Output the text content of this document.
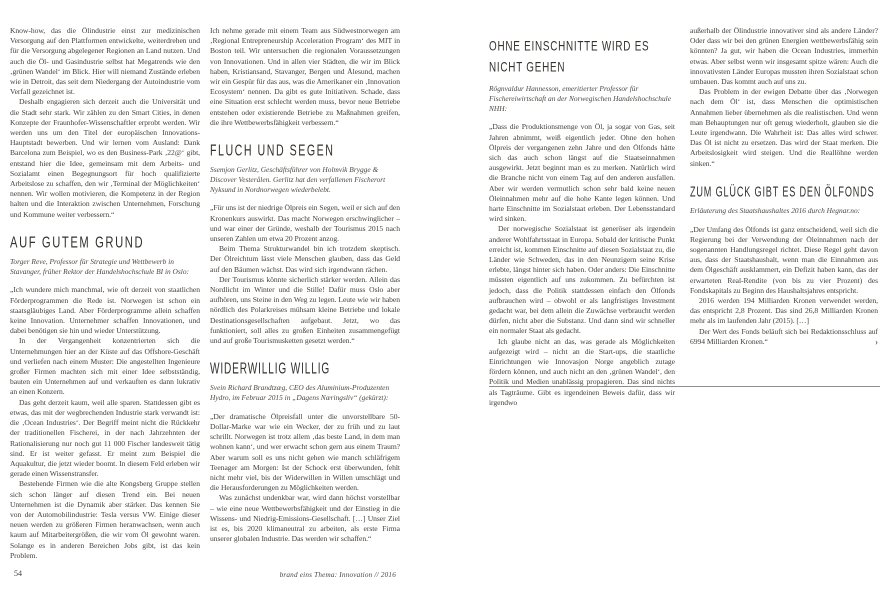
Know-how, das die Ölindustrie einst zur medizinischen Versorgung auf den Plattformen entwickelte, weiterdrehen und für die Versorgung abgelegener Regionen an Land nutzen. Und auch die Öl- und Gasindustrie selbst hat Megatrends wie den ‚grünen Wandel‘ im Blick. Hier will niemand Zustände erleben wie in Detroit, das seit dem Niedergang der Autoindustrie vom Verfall gezeichnet ist.

Deshalb engagieren sich derzeit auch die Universität und die Stadt sehr stark. Wir zählen zu den Smart Cities, in denen Konzepte der Fraunhofer-Wissenschaftler erprobt werden. Wir werden uns um den Titel der europäischen Innovations-Hauptstadt bewerben. Und wir lernen vom Ausland: Dank Barcelona zum Beispiel, wo es den Business-Park ‚22@‘ gibt, entstand hier die Idee, gemeinsam mit dem Arbeits- und Sozialamt einen Begegnungsort für hoch qualifizierte Arbeitslose zu schaffen, den wir ‚Terminal der Möglichkeiten‘ nennen. Wir wollen motivieren, die Kompetenz in der Region halten und die Interaktion zwischen Unternehmen, Forschung und Kommune weiter verbessern.“

AUF GUTEM GRUND

Torger Reve, Professor für Strategie und Wettbewerb in Stavanger, früher Rektor der Handelshochschule BI in Oslo:

„Ich wundere mich manchmal, wie oft derzeit von staatlichen Förderprogrammen die Rede ist. Norwegen ist schon ein staatsgläubiges Land. Aber Förderprogramme allein schaffen keine Innovation. Unternehmer schaffen Innovationen, und dabei benötigen sie hin und wieder Unterstützung.

In der Vergangenheit konzentrierten sich die Unternehmungen hier an der Küste auf das Offshore-Geschäft und verliefen nach einem Muster: Die angestellten Ingenieure großer Firmen machten sich mit einer Idee selbstständig, bauten ein Unternehmen auf und verkauften es dann lukrativ an einen Konzern.

Das geht derzeit kaum, weil alle sparen. Stattdessen gibt es etwas, das mit der wegbrechenden Industrie stark verwandt ist: die ‚Ocean Industries‘. Der Begriff meint nicht die Rückkehr der traditionellen Fischerei, in der nach Jahrzehnten der Rationalisierung nur noch gut 11 000 Fischer landesweit tätig sind. Er ist weiter gefasst. Er meint zum Beispiel die Aquakultur, die jetzt wieder boomt. In diesem Feld erleben wir gerade einen Wissenstransfer.

Bestehende Firmen wie die alte Kongsberg Gruppe stellen sich schon länger auf diesen Trend ein. Bei neuen Unternehmen ist die Dynamik aber stärker. Das kennen Sie von der Automobilindustrie: Tesla versus VW. Einige dieser neuen werden zu größeren Firmen heranwachsen, wenn auch kaum auf Mitarbeitergrößen, die wir vom Öl gewohnt waren. Solange es in anderen Bereichen Jobs gibt, ist das kein Problem.

Ich nehme gerade mit einem Team aus Südwestnorwegen am ‚Regional Entrepreneurship Acceleration Program‘ des MIT in Boston teil. Wir untersuchen die regionalen Voraussetzungen von Innovationen. Und in allen vier Städten, die wir im Blick haben, Kristiansand, Stavanger, Bergen und Ålesund, machen wir ein Gespür für das aus, was die Amerikaner ein ‚Innovation Ecosystem‘ nennen. Da gibt es gute Initiativen. Schade, dass eine Situation erst schlecht werden muss, bevor neue Betriebe entstehen oder existierende Betriebe zu Maßnahmen greifen, die ihre Wettbewerbsfähigkeit verbessern.“

FLUCH UND SEGEN

Ssemjon Gerlitz, Geschäftsführer von Holmvik Brygge & Discover Vesterålen. Gerlitz hat den verfallenen Fischerort Nyksund in Nordnorwegen wiederbelebt.

„Für uns ist der niedrige Ölpreis ein Segen, weil er sich auf den Kronenkurs auswirkt. Das macht Norwegen erschwinglicher – und war einer der Gründe, weshalb der Tourismus 2015 nach unseren Zahlen um etwa 20 Prozent anzog.

Beim Thema Strukturwandel bin ich trotzdem skeptisch. Der Ölreichtum lässt viele Menschen glauben, dass das Geld auf den Bäumen wächst. Das wird sich irgendwann rächen.

Der Tourismus könnte sicherlich stärker werden. Allein das Nordlicht im Winter und die Stille! Dafür muss Oslo aber aufhören, uns Steine in den Weg zu legen. Leute wie wir haben nördlich des Polarkreises mühsam kleine Betriebe und lokale Destinationsgesellschaften aufgebaut. Jetzt, wo das funktioniert, soll alles zu großen Einheiten zusammengefügt und auf große Tourismusketten gesetzt werden.“

WIDERWILLIG WILLIG

Svein Richard Brandtzæg, CEO des Aluminium-Produzenten Hydro, im Februar 2015 in „Dagens Næringsliv“ (gekürzt):

„Der dramatische Ölpreisfall unter die unvorstellbare 50-Dollar-Marke war wie ein Wecker, der zu früh und zu laut schrillt. Norwegen ist trotz allem ‚das beste Land, in dem man wohnen kann‘, und wer erwacht schon gern aus einem Traum? Aber warum soll es uns nicht gehen wie manch schläfrigem Teenager am Morgen: Ist der Schock erst überwunden, fehlt nicht mehr viel, bis der Widerwillen in Willen umschlägt und die Herausforderungen zu Möglichkeiten werden.

Was zunächst undenkbar war, wird dann höchst vorstellbar – wie eine neue Wettbewerbsfähigkeit und der Einstieg in die Wissens- und Niedrig-Emissions-Gesellschaft. […] Unser Ziel ist es, bis 2020 klimaneutral zu arbeiten, als erste Firma unserer globalen Industrie. Das werden wir schaffen.“

OHNE EINSCHNITTE WIRD ES NICHT GEHEN

Rögnvaldur Hannesson, emeritierter Professor für Fischereiwirtschaft an der Norwegischen Handelshochschule NHH:

„Dass die Produktionsmenge von Öl, ja sogar von Gas, seit Jahren abnimmt, weiß eigentlich jeder. Ohne den hohen Ölpreis der vergangenen zehn Jahre und den Ölfonds hätte sich das auch schon längst auf die Staatseinnahmen ausgewirkt. Jetzt beginnt man es zu merken. Natürlich wird die Branche nicht von einem Tag auf den anderen ausfallen. Aber wir werden vermutlich schon sehr bald keine neuen Öleinnahmen mehr auf die hohe Kante legen können. Und harte Einschnitte im Sozialstaat erleben. Der Lebensstandard wird sinken.

Der norwegische Sozialstaat ist generöser als irgendein anderer Wohlfahrtsstaat in Europa. Sobald der kritische Punkt erreicht ist, kommen Einschnitte auf diesen Sozialstaat zu, die Länder wie Schweden, das in den Neunzigern seine Krise erlebte, längst hinter sich haben. Oder anders: Die Einschnitte müssten eigentlich auf uns zukommen. Zu befürchten ist jedoch, dass die Politik stattdessen einfach den Ölfonds aufbrauchen wird – obwohl er als langfristiges Investment gedacht war, bei dem allein die Zuwächse verbraucht werden dürfen, nicht aber die Substanz. Und dann sind wir schneller ein normaler Staat als gedacht.

Ich glaube nicht an das, was gerade als Möglichkeiten aufgezeigt wird – nicht an die Start-ups, die staatliche Einrichtungen wie Innovasjon Norge angeblich zutage fördern können, und auch nicht an den ‚grünen Wandel‘, den Politik und Medien unablässig propagieren. Das sind nichts als Tagträume. Gibt es irgendeinen Beweis dafür, dass wir irgendwo

außerhalb der Ölindustrie innovativer sind als andere Länder? Oder dass wir bei den grünen Energien wettbewerbsfähig sein könnten? Ja gut, wir haben die Ocean Industries, immerhin etwas. Aber selbst wenn wir insgesamt spitze wären: Auch die innovativsten Länder Europas mussten ihren Sozialstaat schon umbauen. Das kommt auch auf uns zu.

Das Problem in der ewigen Debatte über das ‚Norwegen nach dem Öl‘ ist, dass Menschen die optimistischen Annahmen lieber übernehmen als die realistischen. Und wenn man Behauptungen nur oft genug wiederholt, glauben sie die Leute irgendwann. Die Wahrheit ist: Das alles wird schwer. Das Öl ist nicht zu ersetzen. Das wird der Staat merken. Die Arbeitslosigkeit wird steigen. Und die Reallöhne werden sinken.“

ZUM GLÜCK GIBT ES DEN ÖLFONDS

Erläuterung des Staatshaushaltes 2016 durch Hegnar.no:

„Der Umfang des Ölfonds ist ganz entscheidend, weil sich die Regierung bei der Verwendung der Öleinnahmen nach der sogenannten Handlungsregel richtet. Diese Regel geht davon aus, dass der Staatshaushalt, wenn man die Einnahmen aus dem Ölgeschäft ausklammert, ein Defizit haben kann, das der erwarteten Real-Rendite (von bis zu vier Prozent) des Fondskapitals zu Beginn des Haushaltsjahres entspricht.

2016 werden 194 Milliarden Kronen verwendet werden, das entspricht 2,8 Prozent. Das sind 26,8 Milliarden Kronen mehr als im laufenden Jahr (2015). […]

Der Wert des Fonds beläuft sich bei Redaktionsschluss auf 6994 Milliarden Kronen.“	›

54	brand eins Thema: Innovation // 2016
